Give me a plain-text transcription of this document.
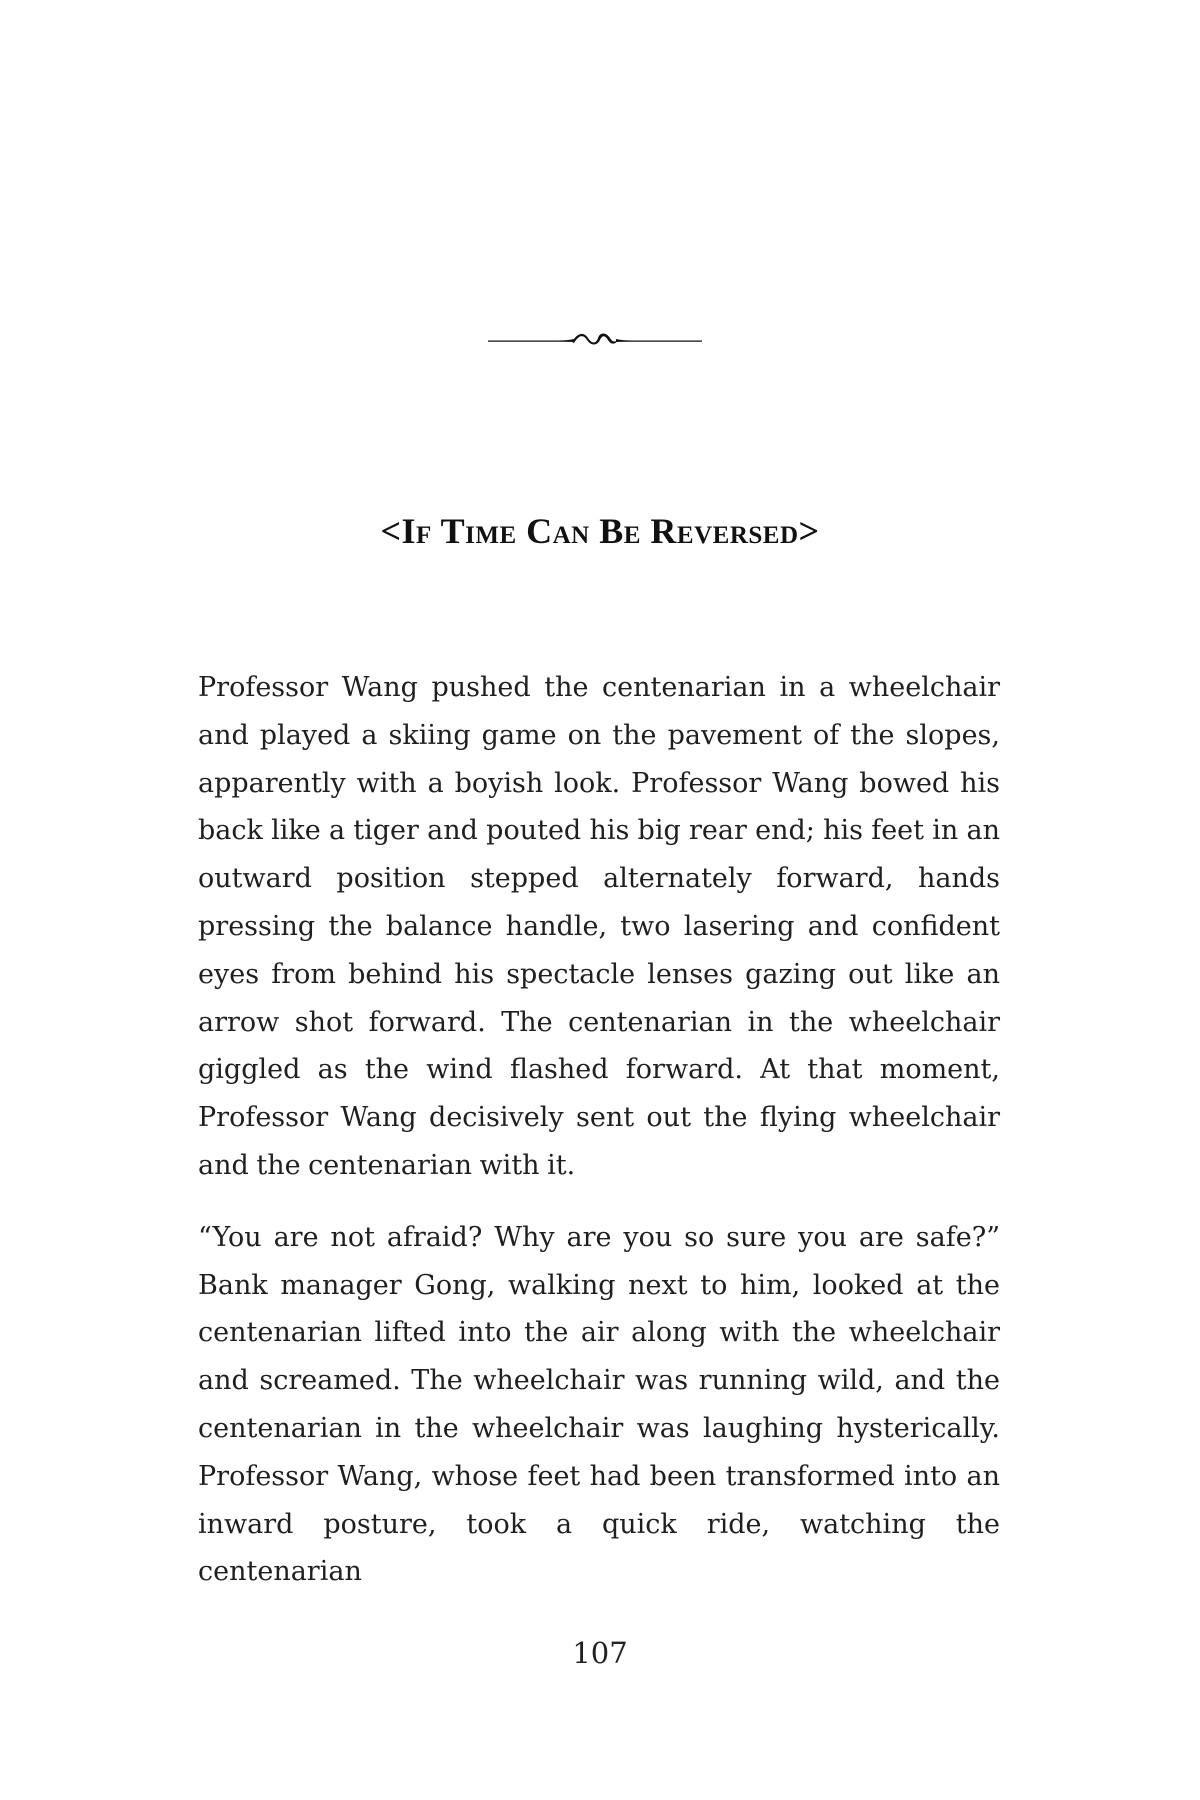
<If Time Can Be Reversed>

Professor Wang pushed the centenarian in a wheelchair and played a skiing game on the pavement of the slopes, apparently with a boyish look. Professor Wang bowed his back like a tiger and pouted his big rear end; his feet in an outward position stepped alternately forward, hands pressing the balance handle, two lasering and confident eyes from behind his spectacle lenses gazing out like an arrow shot forward. The centenarian in the wheelchair giggled as the wind flashed forward. At that moment, Professor Wang decisively sent out the flying wheelchair and the centenarian with it.

“You are not afraid? Why are you so sure you are safe?” Bank manager Gong, walking next to him, looked at the centenarian lifted into the air along with the wheelchair and screamed. The wheelchair was running wild, and the centenarian in the wheelchair was laughing hysterically. Professor Wang, whose feet had been transformed into an inward posture, took a quick ride, watching the centenarian

107
